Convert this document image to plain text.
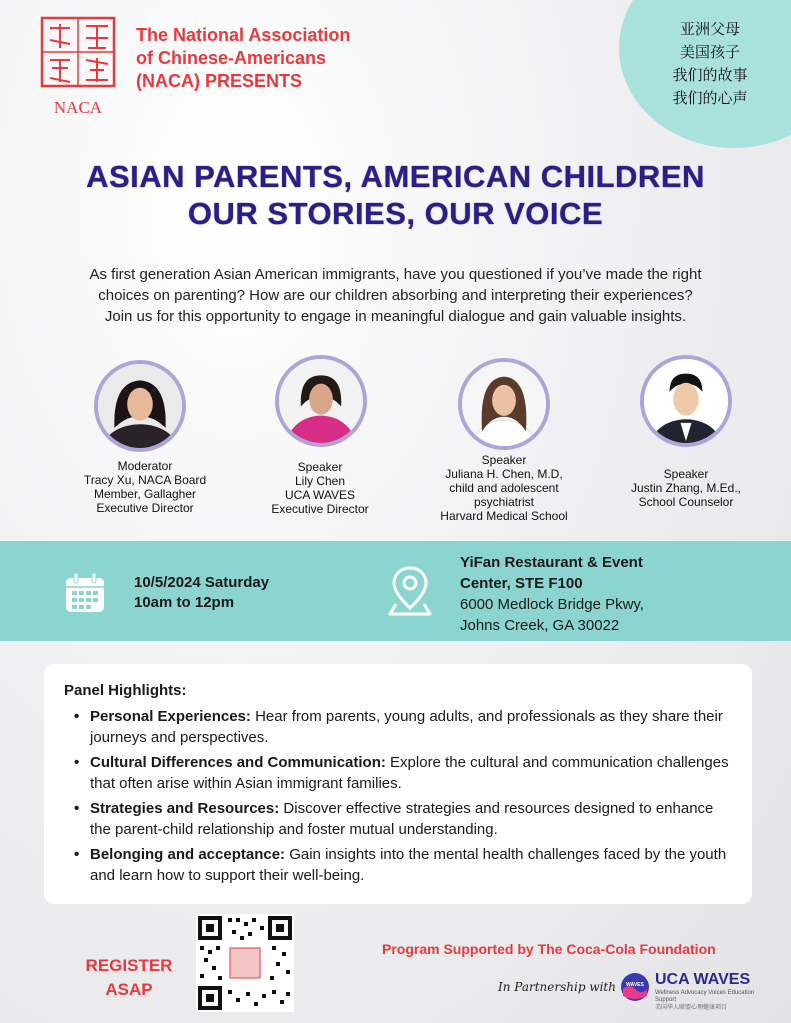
NACA
The National Association
of Chinese-Americans
(NACA) PRESENTS
亚洲父母
美国孩子
我们的故事
我们的心声
ASIAN PARENTS, AMERICAN CHILDREN
OUR STORIES, OUR VOICE
As first generation Asian American immigrants, have you questioned if you’ve made the right
choices on parenting? How are our children absorbing and interpreting their experiences?
Join us for this opportunity to engage in meaningful dialogue and gain valuable insights.
Moderator
Tracy Xu, NACA Board
Member, Gallagher
Executive Director
Speaker
Lily Chen
UCA WAVES
Executive Director
Speaker
Juliana H. Chen, M.D,
child and adolescent
psychiatrist
Harvard Medical School
Speaker
Justin Zhang, M.Ed.,
School Counselor
10/5/2024 Saturday
10am to 12pm
YiFan Restaurant & Event
Center, STE F100
6000 Medlock Bridge Pkwy,
Johns Creek, GA 30022
Panel Highlights:
• Personal Experiences: Hear from parents, young adults, and professionals as they share their journeys and perspectives.
• Cultural Differences and Communication: Explore the cultural and communication challenges that often arise within Asian immigrant families.
• Strategies and Resources: Discover effective strategies and resources designed to enhance the parent-child relationship and foster mutual understanding.
• Belonging and acceptance: Gain insights into the mental health challenges faced by the youth and learn how to support their well-being.
REGISTER
ASAP
Program Supported by The Coca-Cola Foundation
In Partnership with WAVES UCA WAVES
Wellness Advocacy Voices Education Support
美国华人联盟心理健康项目
